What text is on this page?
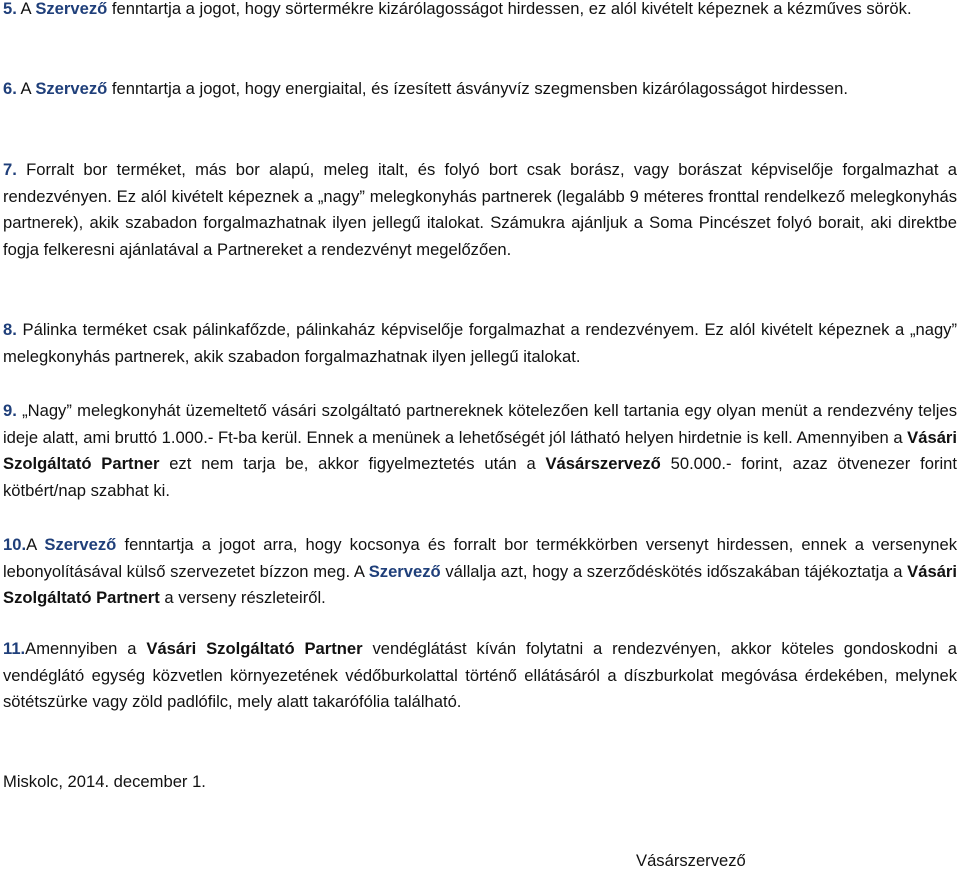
5. A Szervező fenntartja a jogot, hogy sörtermékre kizárólagosságot hirdessen, ez alól kivételt képeznek a kézműves sörök.

6. A Szervező fenntartja a jogot, hogy energiaital, és ízesített ásványvíz szegmensben kizárólagosságot hirdessen.

7. Forralt bor terméket, más bor alapú, meleg italt, és folyó bort csak borász, vagy borászat képviselője forgalmazhat a rendezvényen. Ez alól kivételt képeznek a „nagy” melegkonyhás partnerek (legalább 9 méteres fronttal rendelkező melegkonyhás partnerek), akik szabadon forgalmazhatnak ilyen jellegű italokat. Számukra ajánljuk a Soma Pincészet folyó borait, aki direktbe fogja felkeresni ajánlatával a Partnereket a rendezvényt megelőzően.

8. Pálinka terméket csak pálinkafőzde, pálinkaház képviselője forgalmazhat a rendezvényem. Ez alól kivételt képeznek a „nagy” melegkonyhás partnerek, akik szabadon forgalmazhatnak ilyen jellegű italokat.

9. „Nagy” melegkonyhát üzemeltető vásári szolgáltató partnereknek kötelezően kell tartania egy olyan menüt a rendezvény teljes ideje alatt, ami bruttó 1.000.- Ft-ba kerül. Ennek a menünek a lehetőségét jól látható helyen hirdetnie is kell. Amennyiben a Vásári Szolgáltató Partner ezt nem tarja be, akkor figyelmeztetés után a Vásárszervező 50.000.- forint, azaz ötvenezer forint kötbért/nap szabhat ki.

10.A Szervező fenntartja a jogot arra, hogy kocsonya és forralt bor termékkörben versenyt hirdessen, ennek a versenynek lebonyolításával külső szervezetet bízzon meg. A Szervező vállalja azt, hogy a szerződéskötés időszakában tájékoztatja a Vásári Szolgáltató Partnert a verseny részleteiről.

11.Amennyiben a Vásári Szolgáltató Partner vendéglátást kíván folytatni a rendezvényen, akkor köteles gondoskodni a vendéglátó egység közvetlen környezetének védőburkolattal történő ellátásáról a díszburkolat megóvása érdekében, melynek sötétszürke vagy zöld padlófilc, mely alatt takarófólia található.

Miskolc, 2014. december 1.

Vásárszervező
